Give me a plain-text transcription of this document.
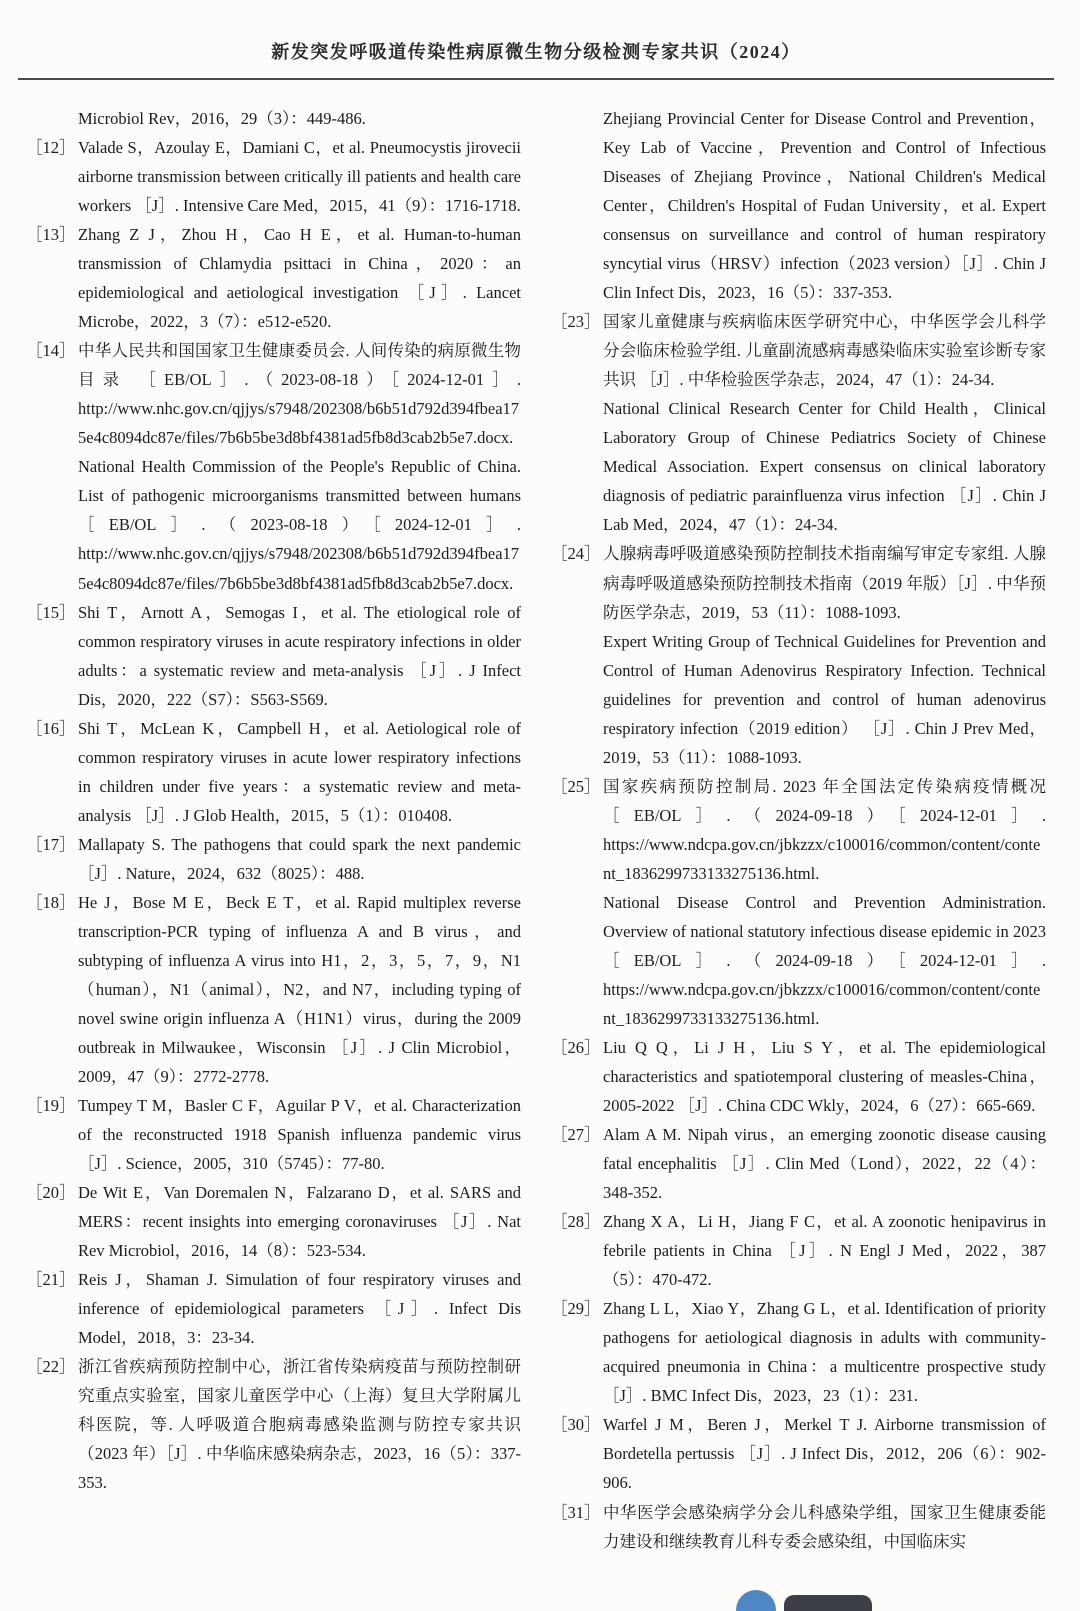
新发突发呼吸道传染性病原微生物分级检测专家共识（2024）

Microbiol Rev，2016，29（3）：449-486.

［12］ Valade S，Azoulay E，Damiani C，et al. Pneumocystis jirovecii airborne transmission between critically ill patients and health care workers ［J］. Intensive Care Med，2015，41（9）：1716-1718.

［13］ Zhang Z J，Zhou H，Cao H E，et al. Human-to-human transmission of Chlamydia psittaci in China，2020：an epidemiological and aetiological investigation ［J］. Lancet Microbe，2022，3（7）：e512-e520.

［14］ 中华人民共和国国家卫生健康委员会. 人间传染的病原微生物目录 ［EB/OL］.（2023-08-18）［2024-12-01］. http://www.nhc.gov.cn/qjjys/s7948/202308/b6b51d792d394fbea175e4c8094dc87e/files/7b6b5be3d8bf4381ad5fb8d3cab2b5e7.docx.

National Health Commission of the People's Republic of China. List of pathogenic microorganisms transmitted between humans ［EB/OL］.（2023-08-18）［2024-12-01］. http://www.nhc.gov.cn/qjjys/s7948/202308/b6b51d792d394fbea175e4c8094dc87e/files/7b6b5be3d8bf4381ad5fb8d3cab2b5e7.docx.

［15］ Shi T，Arnott A，Semogas I，et al. The etiological role of common respiratory viruses in acute respiratory infections in older adults：a systematic review and meta-analysis ［J］. J Infect Dis，2020，222（S7）：S563-S569.

［16］ Shi T，McLean K，Campbell H，et al. Aetiological role of common respiratory viruses in acute lower respiratory infections in children under five years：a systematic review and meta-analysis ［J］. J Glob Health，2015，5（1）：010408.

［17］ Mallapaty S. The pathogens that could spark the next pandemic ［J］. Nature，2024，632（8025）：488.

［18］ He J，Bose M E，Beck E T，et al. Rapid multiplex reverse transcription-PCR typing of influenza A and B virus，and subtyping of influenza A virus into H1，2，3，5，7，9，N1（human），N1（animal），N2，and N7，including typing of novel swine origin influenza A（H1N1）virus，during the 2009 outbreak in Milwaukee，Wisconsin ［J］. J Clin Microbiol，2009，47（9）：2772-2778.

［19］ Tumpey T M，Basler C F，Aguilar P V，et al. Characterization of the reconstructed 1918 Spanish influenza pandemic virus ［J］. Science，2005，310（5745）：77-80.

［20］ De Wit E，Van Doremalen N，Falzarano D，et al. SARS and MERS：recent insights into emerging coronaviruses ［J］. Nat Rev Microbiol，2016，14（8）：523-534.

［21］ Reis J，Shaman J. Simulation of four respiratory viruses and inference of epidemiological parameters ［J］. Infect Dis Model，2018，3：23-34.

［22］ 浙江省疾病预防控制中心，浙江省传染病疫苗与预防控制研究重点实验室，国家儿童医学中心（上海）复旦大学附属儿科医院，等. 人呼吸道合胞病毒感染监测与防控专家共识（2023 年）［J］. 中华临床感染病杂志，2023，16（5）：337-353.

Zhejiang Provincial Center for Disease Control and Prevention，Key Lab of Vaccine，Prevention and Control of Infectious Diseases of Zhejiang Province，National Children's Medical Center，Children's Hospital of Fudan University，et al. Expert consensus on surveillance and control of human respiratory syncytial virus（HRSV）infection（2023 version）［J］. Chin J Clin Infect Dis，2023，16（5）：337-353.

［23］ 国家儿童健康与疾病临床医学研究中心，中华医学会儿科学分会临床检验学组. 儿童副流感病毒感染临床实验室诊断专家共识 ［J］. 中华检验医学杂志，2024，47（1）：24-34.

National Clinical Research Center for Child Health，Clinical Laboratory Group of Chinese Pediatrics Society of Chinese Medical Association. Expert consensus on clinical laboratory diagnosis of pediatric parainfluenza virus infection ［J］. Chin J Lab Med，2024，47（1）：24-34.

［24］ 人腺病毒呼吸道感染预防控制技术指南编写审定专家组. 人腺病毒呼吸道感染预防控制技术指南（2019 年版）［J］. 中华预防医学杂志，2019，53（11）：1088-1093.

Expert Writing Group of Technical Guidelines for Prevention and Control of Human Adenovirus Respiratory Infection. Technical guidelines for prevention and control of human adenovirus respiratory infection（2019 edition） ［J］. Chin J Prev Med，2019，53（11）：1088-1093.

［25］ 国家疾病预防控制局. 2023 年全国法定传染病疫情概况 ［EB/OL］.（2024-09-18）［2024-12-01］. https://www.ndcpa.gov.cn/jbkzzx/c100016/common/content/content_1836299733133275136.html.

National Disease Control and Prevention Administration. Overview of national statutory infectious disease epidemic in 2023 ［EB/OL］.（2024-09-18）［2024-12-01］. https://www.ndcpa.gov.cn/jbkzzx/c100016/common/content/content_1836299733133275136.html.

［26］ Liu Q Q，Li J H，Liu S Y，et al. The epidemiological characteristics and spatiotemporal clustering of measles-China，2005-2022 ［J］. China CDC Wkly，2024，6（27）：665-669.

［27］ Alam A M. Nipah virus，an emerging zoonotic disease causing fatal encephalitis ［J］. Clin Med（Lond），2022，22（4）：348-352.

［28］ Zhang X A，Li H，Jiang F C，et al. A zoonotic henipavirus in febrile patients in China ［J］. N Engl J Med，2022，387（5）：470-472.

［29］ Zhang L L，Xiao Y，Zhang G L，et al. Identification of priority pathogens for aetiological diagnosis in adults with community-acquired pneumonia in China：a multicentre prospective study ［J］. BMC Infect Dis，2023，23（1）：231.

［30］ Warfel J M，Beren J，Merkel T J. Airborne transmission of Bordetella pertussis ［J］. J Infect Dis，2012，206（6）：902-906.

［31］ 中华医学会感染病学分会儿科感染学组，国家卫生健康委能力建设和继续教育儿科专委会感染组，中国临床实
